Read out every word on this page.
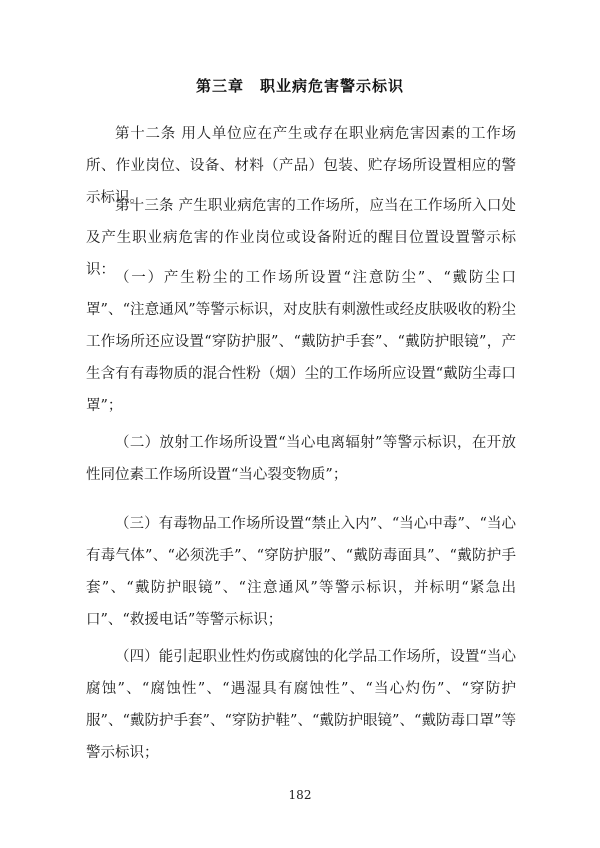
第三章　职业病危害警示标识

第十二条 用人单位应在产生或存在职业病危害因素的工作场所、作业岗位、设备、材料（产品）包装、贮存场所设置相应的警示标识。

第十三条 产生职业病危害的工作场所，应当在工作场所入口处及产生职业病危害的作业岗位或设备附近的醒目位置设置警示标识： （一）产生粉尘的工作场所设置“注意防尘”、“戴防尘口罩”、“注意通风”等警示标识，对皮肤有刺激性或经皮肤吸收的粉尘工作场所还应设置“穿防护服”、“戴防护手套”、“戴防护眼镜”，产生含有有毒物质的混合性粉（烟）尘的工作场所应设置“戴防尘毒口罩”；

（二）放射工作场所设置“当心电离辐射”等警示标识，在开放性同位素工作场所设置“当心裂变物质”；

（三）有毒物品工作场所设置“禁止入内”、“当心中毒”、“当心有毒气体”、“必须洗手”、“穿防护服”、“戴防毒面具”、“戴防护手套”、“戴防护眼镜”、“注意通风”等警示标识，并标明“紧急出口”、“救援电话”等警示标识；

（四）能引起职业性灼伤或腐蚀的化学品工作场所，设置“当心腐蚀”、“腐蚀性”、“遇湿具有腐蚀性”、“当心灼伤”、“穿防护服”、“戴防护手套”、“穿防护鞋”、“戴防护眼镜”、“戴防毒口罩”等警示标识；

182
